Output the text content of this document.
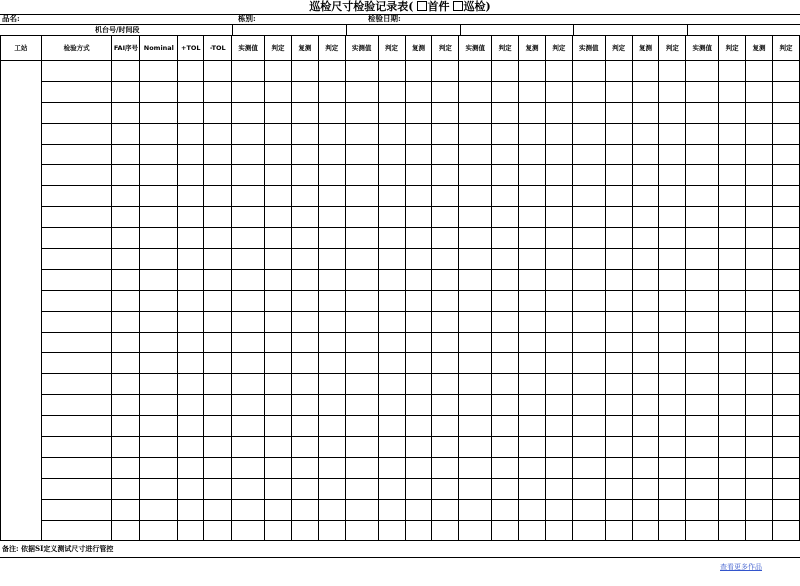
巡检尺寸检验记录表( 首件 巡检)
品名:	栋别:	检验日期:
机台号/时间段
工站	检验方式	FAI序号	Nominal	+TOL	-TOL	实测值	判定	复测	判定	实测值	判定	复测	判定	实测值	判定	复测	判定	实测值	判定	复测	判定	实测值	判定	复测	判定

备注: 依据SI定义测试尺寸进行管控
查看更多作品
